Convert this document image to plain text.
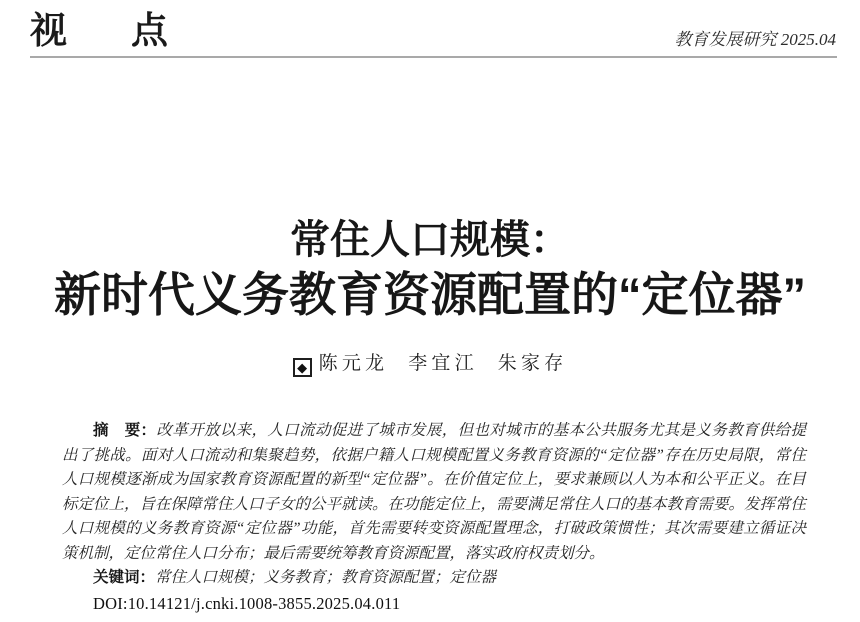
视 点	教育发展研究 2025.04
常住人口规模：
新时代义务教育资源配置的“定位器”
◆ 陈元龙 李宜江 朱家存

摘　要：改革开放以来，人口流动促进了城市发展，但也对城市的基本公共服务尤其是义务教育供给提出了挑战。面对人口流动和集聚趋势，依据户籍人口规模配置义务教育资源的“定位器”存在历史局限，常住人口规模逐渐成为国家教育资源配置的新型“定位器”。在价值定位上，要求兼顾以人为本和公平正义。在目标定位上，旨在保障常住人口子女的公平就读。在功能定位上，需要满足常住人口的基本教育需要。发挥常住人口规模的义务教育资源“定位器”功能，首先需要转变资源配置理念，打破政策惯性；其次需要建立循证决策机制，定位常住人口分布；最后需要统筹教育资源配置，落实政府权责划分。

关键词：常住人口规模；义务教育；教育资源配置；定位器

DOI:10.14121/j.cnki.1008-3855.2025.04.011
